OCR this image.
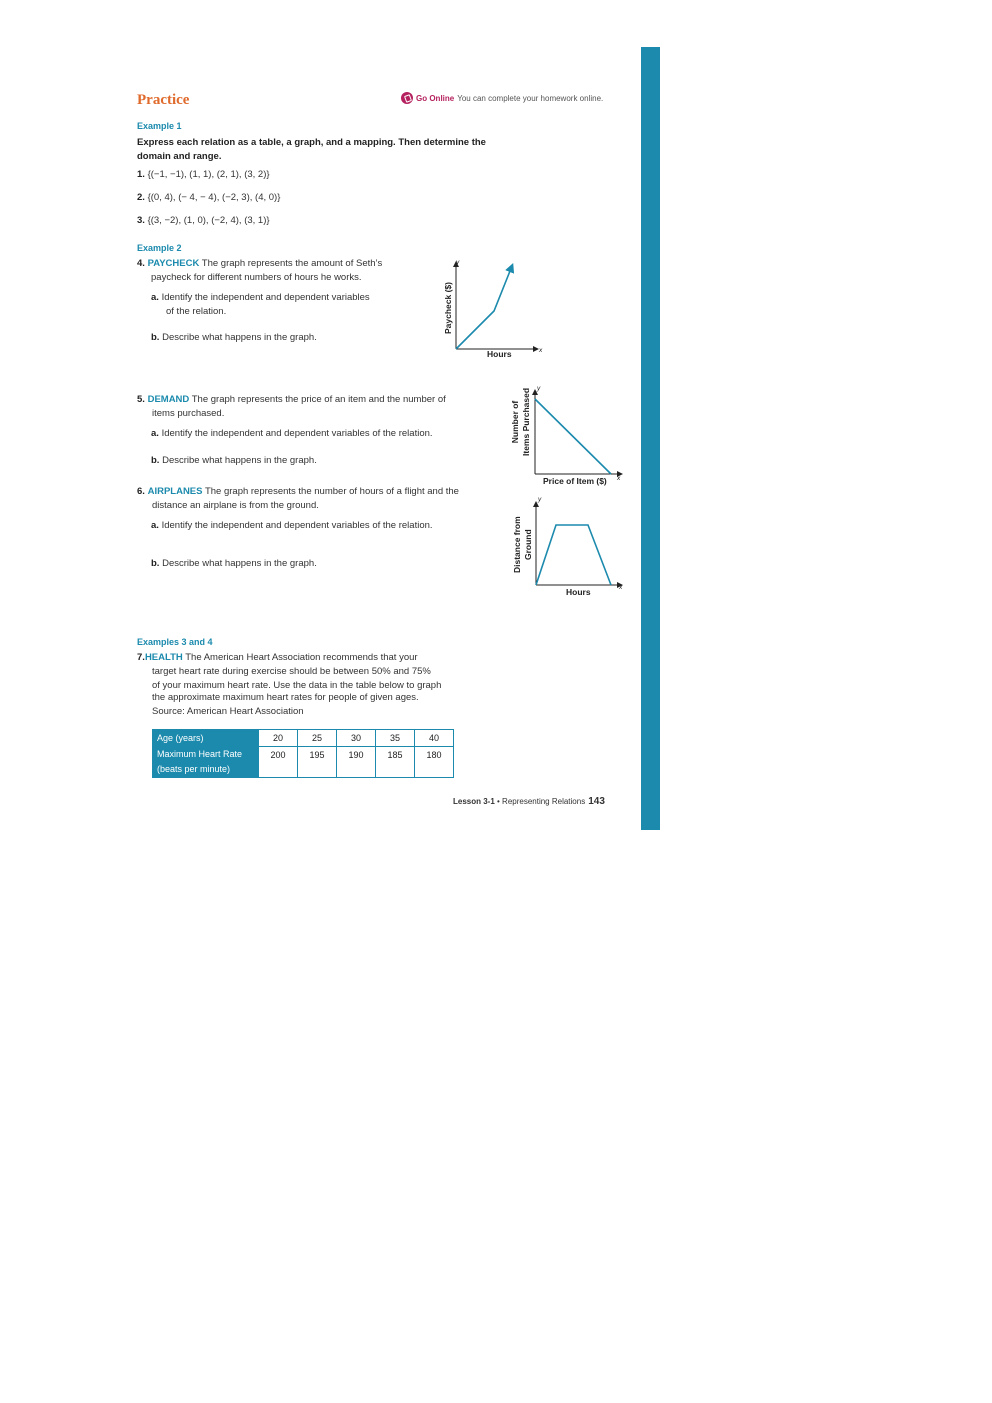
Practice	Go Online You can complete your homework online.
Example 1
Express each relation as a table, a graph, and a mapping. Then determine the
domain and range.
1. {(−1, −1), (1, 1), (2, 1), (3, 2)}
2. {(0, 4), (− 4, − 4), (−2, 3), (4, 0)}
3. {(3, −2), (1, 0), (−2, 4), (3, 1)}
Example 2
4. PAYCHECK The graph represents the amount of Seth’s
paycheck for different numbers of hours he works.
a. Identify the independent and dependent variables
of the relation.
b. Describe what happens in the graph.
y
x
Hours
Paycheck ($)
5. DEMAND The graph represents the price of an item and the number of
items purchased.
a. Identify the independent and dependent variables of the relation.
b. Describe what happens in the graph.
y
x
Price of Item ($)
Number of Items Purchased
6. AIRPLANES The graph represents the number of hours of a flight and the
distance an airplane is from the ground.
a. Identify the independent and dependent variables of the relation.
b. Describe what happens in the graph.
y
x
Hours
Distance from Ground
Examples 3 and 4
7.HEALTH The American Heart Association recommends that your
target heart rate during exercise should be between 50% and 75%
of your maximum heart rate. Use the data in the table below to graph
the approximate maximum heart rates for people of given ages.
Source: American Heart Association
Age (years)	20	25	30	35	40

Maximum Heart Rate
(beats per minute)	200	195	190	185	180
Lesson 3-1 • Representing Relations 143
